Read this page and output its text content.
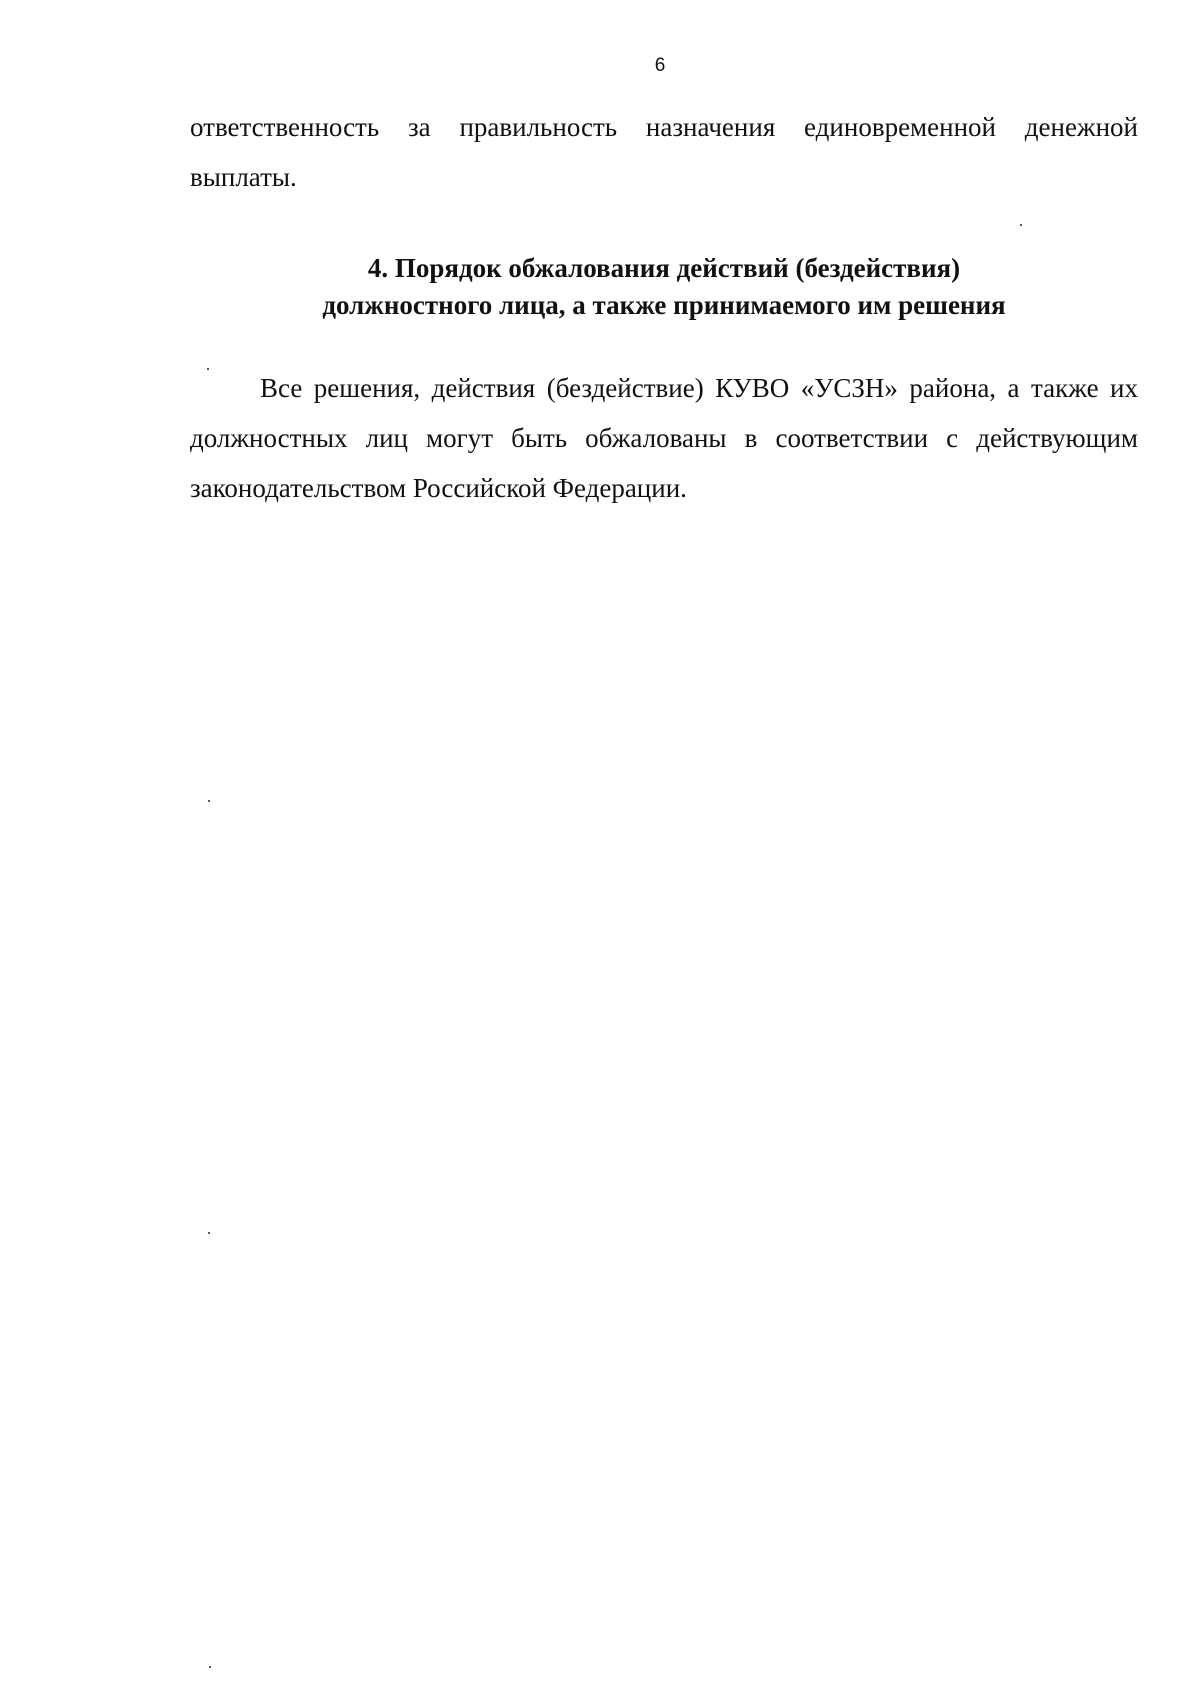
6
ответственность за правильность назначения единовременной денежной выплаты.
4. Порядок обжалования действий (бездействия)
должностного лица, а также принимаемого им решения
Все решения, действия (бездействие) КУВО «УСЗН» района, а также их должностных лиц могут быть обжалованы в соответствии с действующим законодательством Российской Федерации.
